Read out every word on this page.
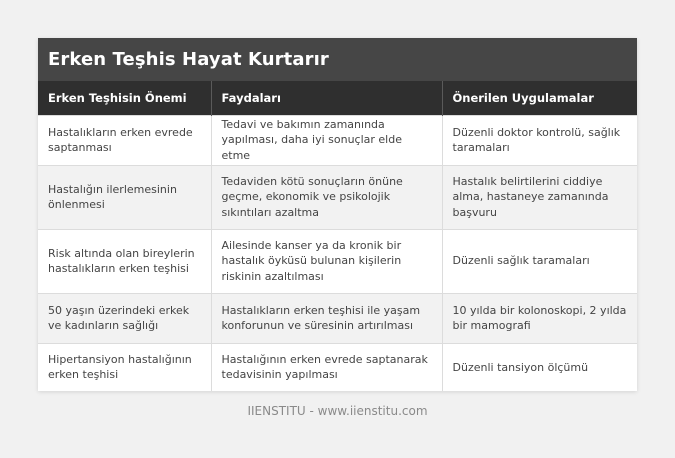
Erken Teşhis Hayat Kurtarır
Erken Teşhisin Önemi	Faydaları	Önerilen Uygulamalar
Hastalıkların erken evrede saptanması	Tedavi ve bakımın zamanında yapılması, daha iyi sonuçlar elde etme	Düzenli doktor kontrolü, sağlık taramaları
Hastalığın ilerlemesinin önlenmesi	Tedaviden kötü sonuçların önüne geçme, ekonomik ve psikolojik sıkıntıları azaltma	Hastalık belirtilerini ciddiye alma, hastaneye zamanında başvuru
Risk altında olan bireylerin hastalıkların erken teşhisi	Ailesinde kanser ya da kronik bir hastalık öyküsü bulunan kişilerin riskinin azaltılması	Düzenli sağlık taramaları
50 yaşın üzerindeki erkek ve kadınların sağlığı	Hastalıkların erken teşhisi ile yaşam konforunun ve süresinin artırılması	10 yılda bir kolonoskopi, 2 yılda bir mamografi
Hipertansiyon hastalığının erken teşhisi	Hastalığının erken evrede saptanarak tedavisinin yapılması	Düzenli tansiyon ölçümü
IIENSTITU - www.iienstitu.com
